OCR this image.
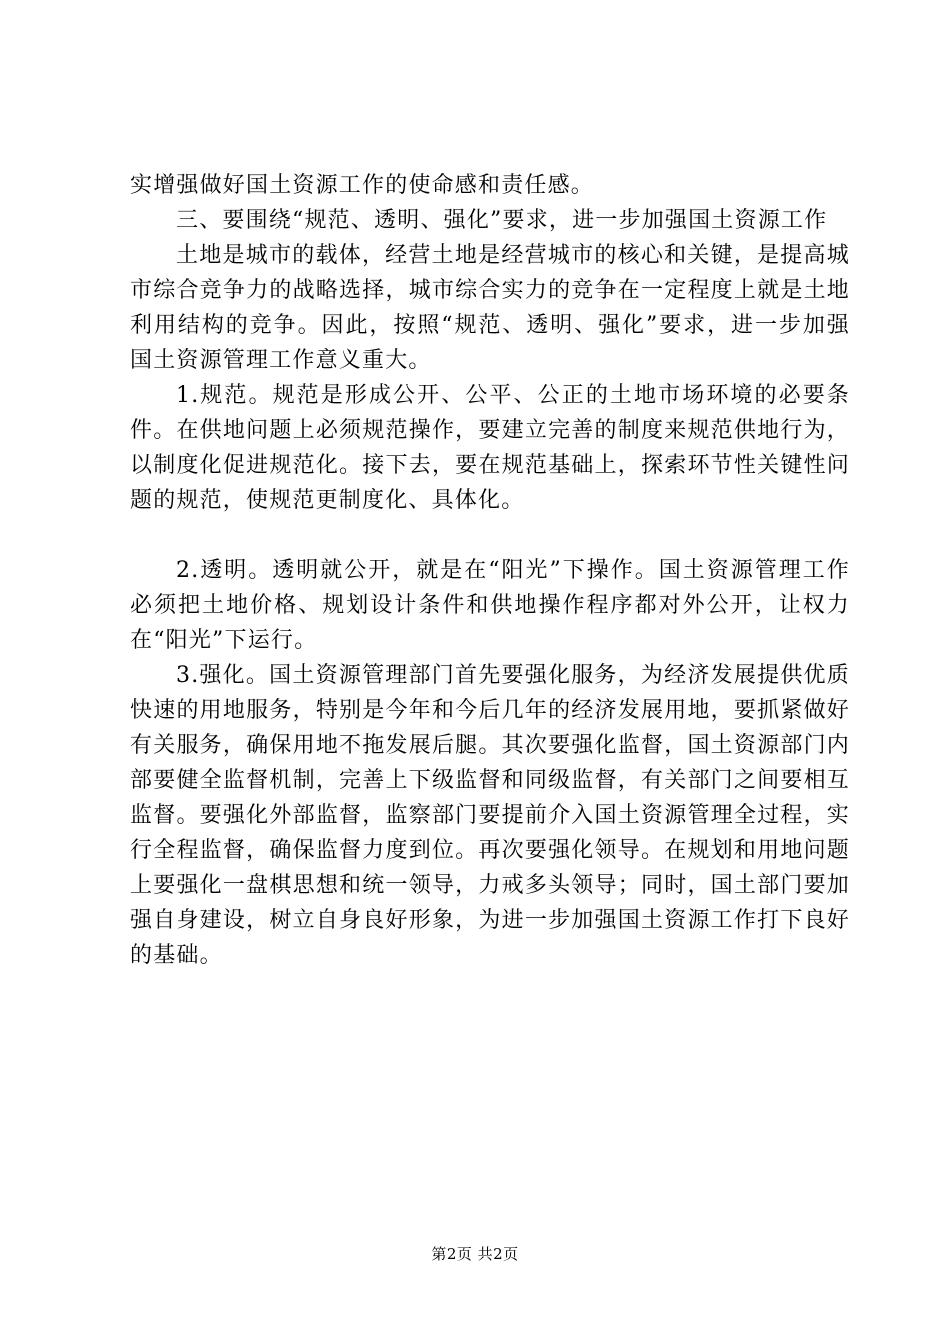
实增强做好国土资源工作的使命感和责任感。

三、要围绕“规范、透明、强化”要求，进一步加强国土资源工作

土地是城市的载体，经营土地是经营城市的核心和关键，是提高城市综合竞争力的战略选择，城市综合实力的竞争在一定程度上就是土地利用结构的竞争。因此，按照“规范、透明、强化”要求，进一步加强国土资源管理工作意义重大。

1.规范。规范是形成公开、公平、公正的土地市场环境的必要条件。在供地问题上必须规范操作，要建立完善的制度来规范供地行为，以制度化促进规范化。接下去，要在规范基础上，探索环节性关键性问题的规范，使规范更制度化、具体化。

2.透明。透明就公开，就是在“阳光”下操作。国土资源管理工作必须把土地价格、规划设计条件和供地操作程序都对外公开，让权力在“阳光”下运行。

3.强化。国土资源管理部门首先要强化服务，为经济发展提供优质快速的用地服务，特别是今年和今后几年的经济发展用地，要抓紧做好有关服务，确保用地不拖发展后腿。其次要强化监督，国土资源部门内部要健全监督机制，完善上下级监督和同级监督，有关部门之间要相互监督。要强化外部监督，监察部门要提前介入国土资源管理全过程，实行全程监督，确保监督力度到位。再次要强化领导。在规划和用地问题上要强化一盘棋思想和统一领导，力戒多头领导；同时，国土部门要加强自身建设，树立自身良好形象，为进一步加强国土资源工作打下良好的基础。

第2页 共2页
